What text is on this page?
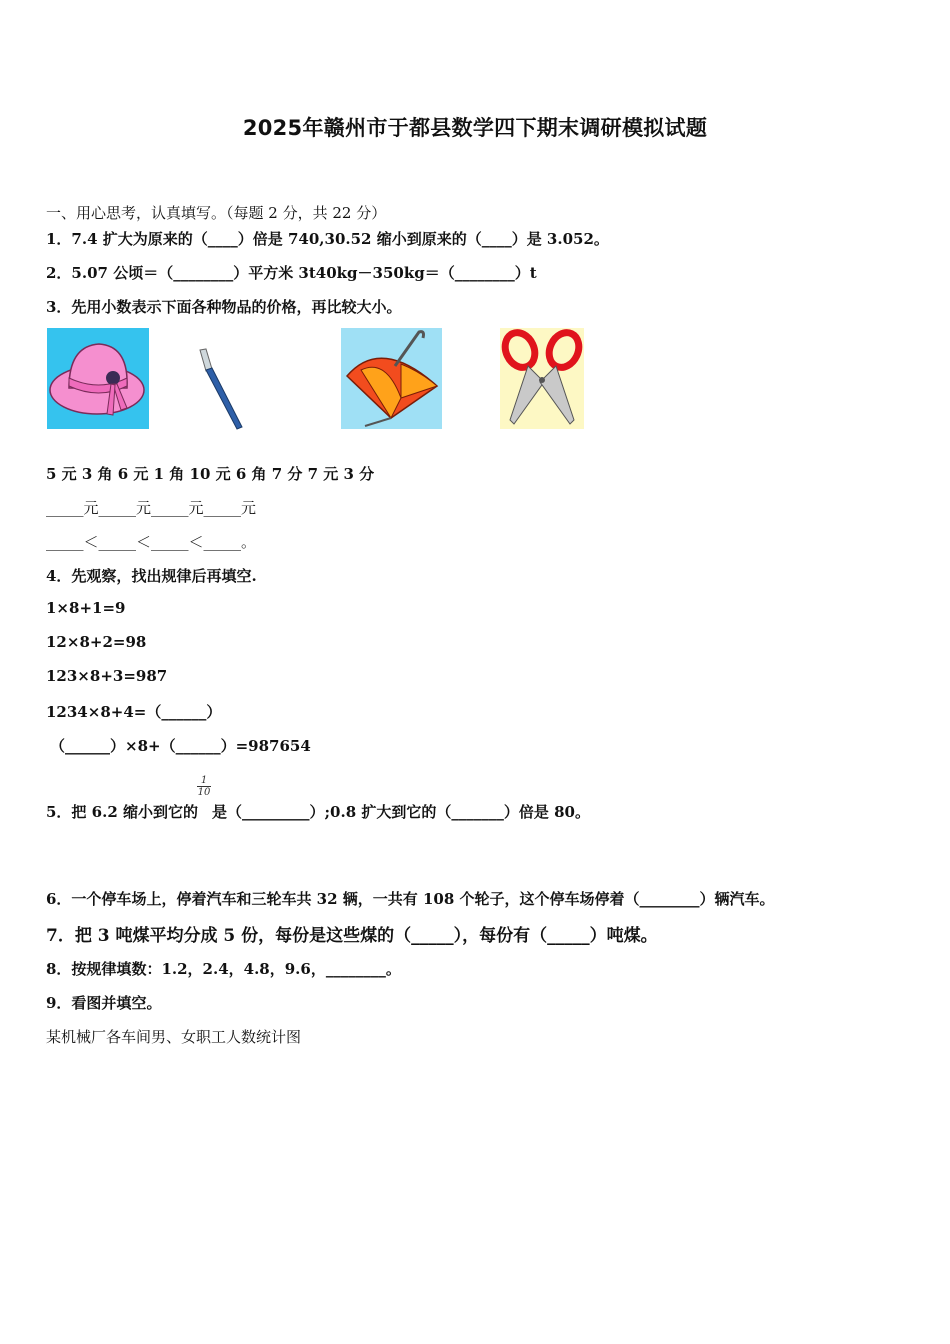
2025年赣州市于都县数学四下期末调研模拟试题
一、用心思考，认真填写。（每题 2 分，共 22 分）
1．7.4 扩大为原来的（____）倍是 740,30.52 缩小到原来的（____）是 3.052。
2．5.07 公顷＝（________）平方米 3t40kg－350kg＝（________）t
3．先用小数表示下面各种物品的价格，再比较大小。
5 元 3 角 6 元 1 角 10 元 6 角 7 分 7 元 3 分
_____元_____元_____元_____元
_____＜_____＜_____＜_____。
4．先观察，找出规律后再填空.
1×8+1=9
12×8+2=98
123×8+3=987
1234×8+4=（______）
（______）×8+（______）=987654
5．把 6.2 缩小到它的
$\frac{1}{10}$
是（_________）;0.8 扩大到它的（_______）倍是 80。
6．一个停车场上，停着汽车和三轮车共 32 辆，一共有 108 个轮子，这个停车场停着（________）辆汽车。
7．把 3 吨煤平均分成 5 份，每份是这些煤的（_____），每份有（_____）吨煤。
8．按规律填数：1.2，2.4，4.8，9.6，________。
9．看图并填空。
某机械厂各车间男、女职工人数统计图
